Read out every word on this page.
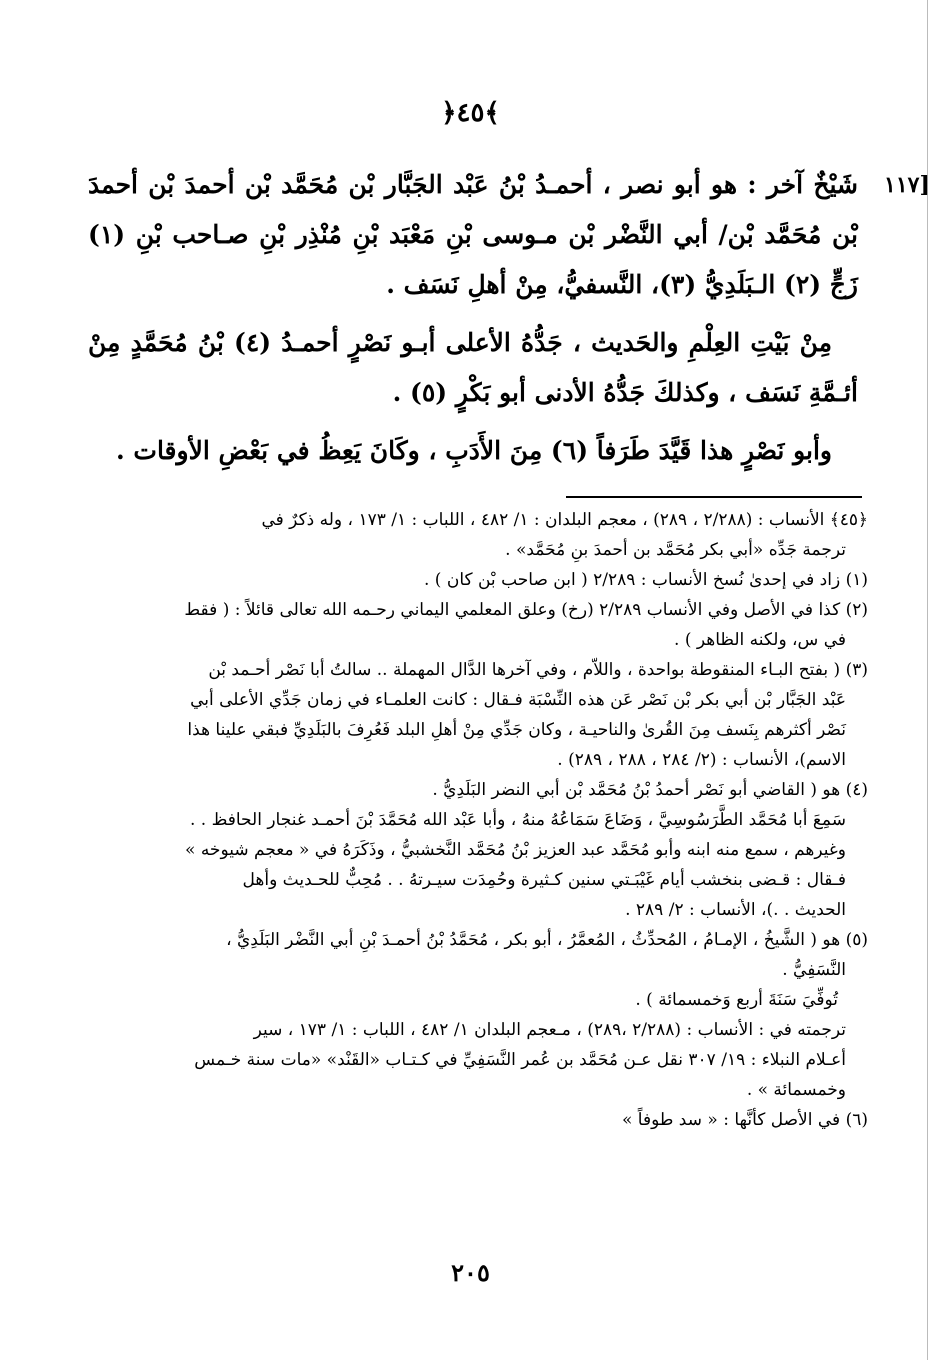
﴿٤٥﴾
[١١٧

شَيْخٌ آخر : هو أبو نصر ، أحمـدُ بْنُ عَبْد الجَبَّار بْن مُحَمَّد بْن أحمدَ بْن أحمدَ بْن مُحَمَّد بْن/ أبي النَّضْر بْن مـوسى بْنِ مَعْبَد بْنِ مُنْذِر بْنِ صـاحب بْنِ (١) زَجٍّ (٢) الـبَلَدِيُّ (٣)، النَّسفيُّ، مِنْ أهلِ نَسَف .

مِنْ بَيْتِ العِلْمِ والحَديث ، جَدُّهُ الأعلى أبـو نَصْرٍ أحمـدُ (٤) بْنُ مُحَمَّدٍ مِنْ أئـمَّةِ نَسَف ، وكذلكَ جَدُّهُ الأدنى أبو بَكْرٍ (٥) .

وأبو نَصْرٍ هذا قَيَّدَ طَرَفاً (٦) مِنَ الأَدَبِ ، وكَانَ يَعِظُ في بَعْضِ الأوقات .

﴿٤٥﴾ الأنساب : (٢/٢٨٨ ، ٢٨٩) ، معجم البلدان : ١/ ٤٨٢ ، اللباب : ١/ ١٧٣ ، وله ذكرٌ في

ترجمة جَدِّه «أبي بكر مُحَمَّد بن أحمدَ بنِ مُحَمَّد» .

(١) زاد في إحدىٰ نُسخ الأنساب : ٢/٢٨٩ ( ابن صاحب بْن كان ) .

(٢) كذا في الأصل وفي الأنساب ٢/٢٨٩ (رخ) وعلق المعلمي اليماني رحـمه الله تعالى قائلاً : ( فقط

في س، ولكنه الظاهر ) .

(٣) ( بفتح البـاء المنقوطة بواحدة ، واللاّم ، وفي آخرها الدَّال المهملة .. سالتُ أبا نَصْر أحـمد بْن

عَبْد الجَبَّار بْن أبي بكر بْن نَصْر عَن هذه النِّسْبَة فـقال : كانت العلمـاء في زمان جَدِّي الأعلى أبي

نَصْر أكثرهم بِنَسف مِنَ القُرىٰ والناحيـة ، وكان جَدِّي مِنْ أهلِ البلد فَعُرِفَ بالبَلَدِيِّ فبقي علينا هذا

الاسم)، الأنساب : (٢/ ٢٨٤ ، ٢٨٨ ، ٢٨٩) .

(٤) هو ( القاضي أبو نَصْر أحمدُ بْنُ مُحَمَّد بْن أبي النضر البَلَدِيُّ .

سَمِعَ أبا مُحَمَّد الطَّرَسُوسِيَّ ، وَضَاعَ سَمَاعُهُ منهُ ، وأبا عَبْد الله مُحَمَّدَ بْنَ أحمـد غنجار الحافظ . .

وغيرهم ، سمع منه ابنه وأبو مُحَمَّد عبد العزيز بْنُ مُحَمَّد النَّخشبيُّ ، وذَكَرَهُ في « معجم شيوخه »

فـقال : قـضى بنخشب أيام غَيْبَـتي سنين كـثيرة وحُمِدَت سيـرتهُ . . مُحِبٌّ للحـديث وأهل

الحديث . .)، الأنساب : ٢/ ٢٨٩ .

(٥) هو ( الشَّيخُ ، الإمـامُ ، المُحدِّثُ ، المُعمَّرُ ، أبو بكر ، مُحَمَّدُ بْنُ أحمـدَ بْنِ أبي النَّضْر البَلَدِيُّ ،

النَّسَفِيُّ .

تُوفِّيَ سَنَةَ أربع وَخمسمائة ) .

ترجمته في : الأنساب : (٢/٢٨٨ ،٢٨٩) ، مـعجم البلدان ١/ ٤٨٢ ، اللباب : ١/ ١٧٣ ، سير

أعـلام النبلاء : ١٩/ ٣٠٧ نقل عـن مُحَمَّد بن عُمر النَّسَفِيِّ في كـتـاب «القَنْد» «مات سنة خـمس

وخمسمائة » .

(٦) في الأصل كأنَّها : « سد طوفاً »

٢٠٥
